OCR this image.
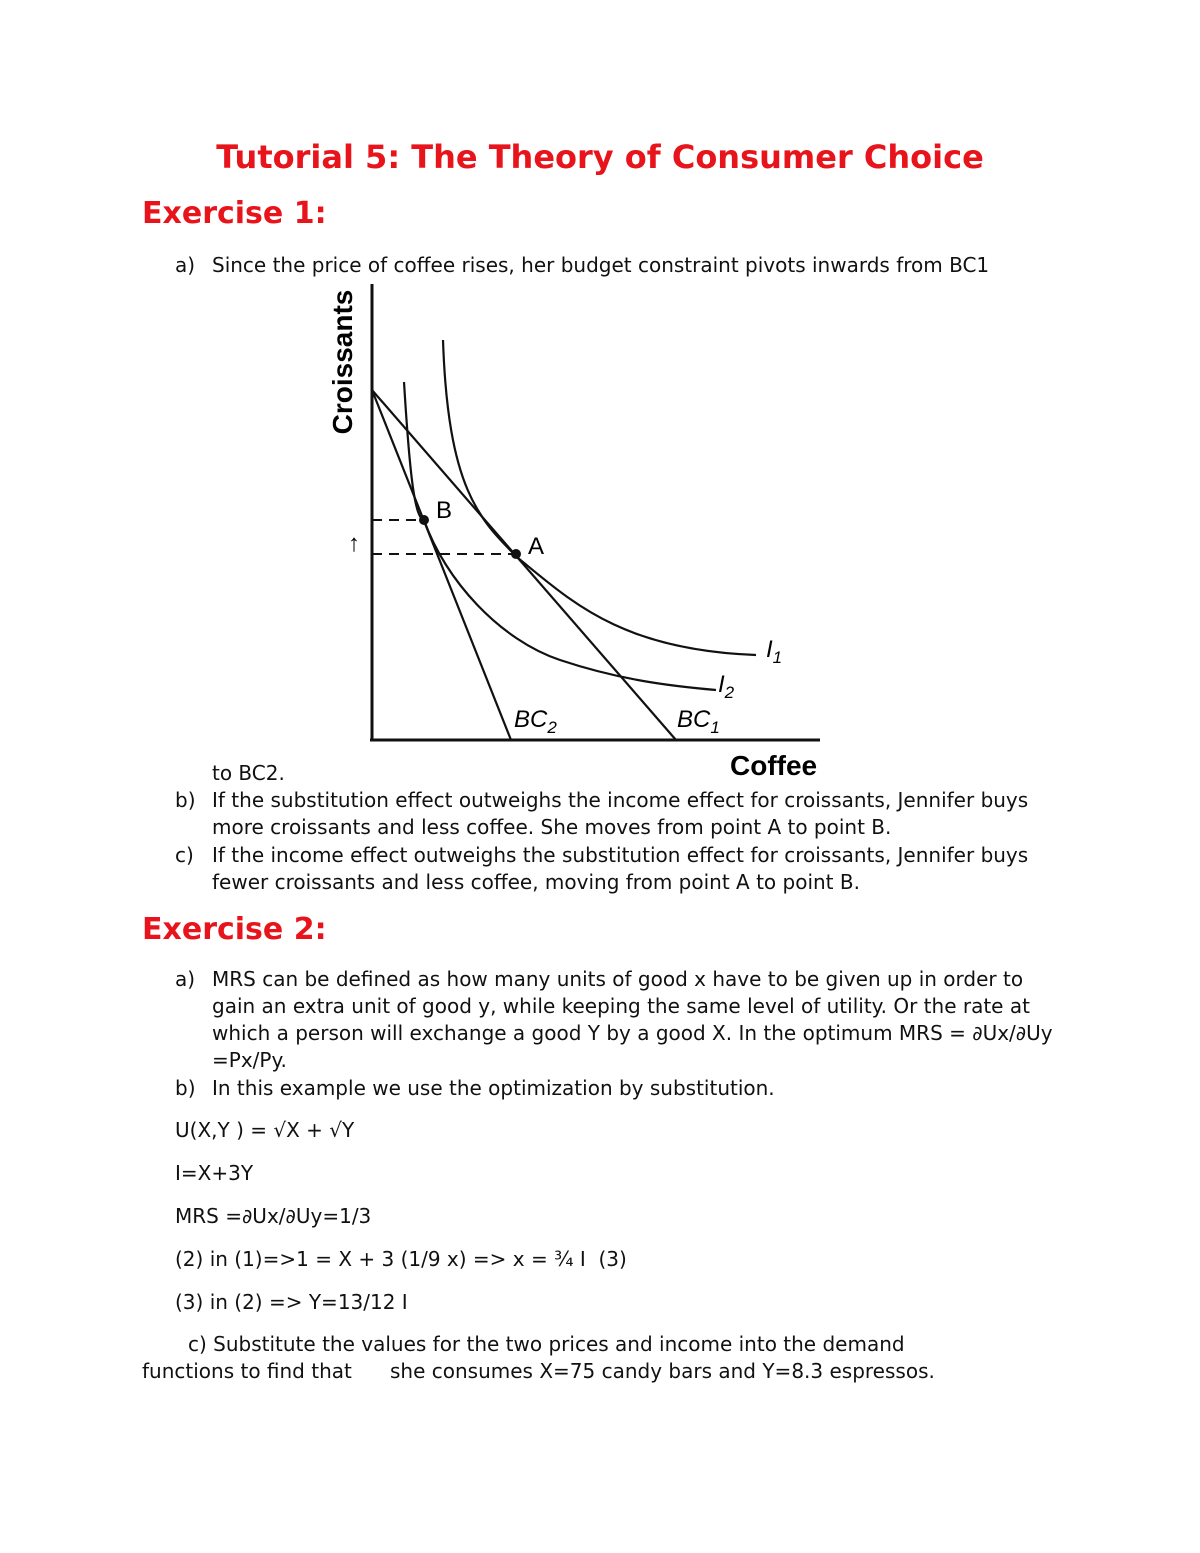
Tutorial 5: The Theory of Consumer Choice
Exercise 1:
a) Since the price of coffee rises, her budget constraint pivots inwards from BC1
↑
B
A
$I_1$
$I_2$
$BC_2$	$BC_1$
Croissants
Coffee
to BC2.
b) If the substitution effect outweighs the income effect for croissants, Jennifer buys more croissants and less coffee. She moves from point A to point B.
c) If the income effect outweighs the substitution effect for croissants, Jennifer buys fewer croissants and less coffee, moving from point A to point B.
Exercise 2:
a) MRS can be defined as how many units of good x have to be given up in order to gain an extra unit of good y, while keeping the same level of utility. Or the rate at which a person will exchange a good Y by a good X. In the optimum MRS = ∂Ux/∂Uy =Px/Py.
b) In this example we use the optimization by substitution.
U(X,Y ) = √X + √Y
I=X+3Y
MRS =∂Ux/∂Uy=1/3
(2) in (1)=>1 = X + 3 (1/9 x) => x = ¾ I  (3)
(3) in (2) => Y=13/12 I
c) Substitute the values for the two prices and income into the demand
functions to find that      she consumes X=75 candy bars and Y=8.3 espressos.
